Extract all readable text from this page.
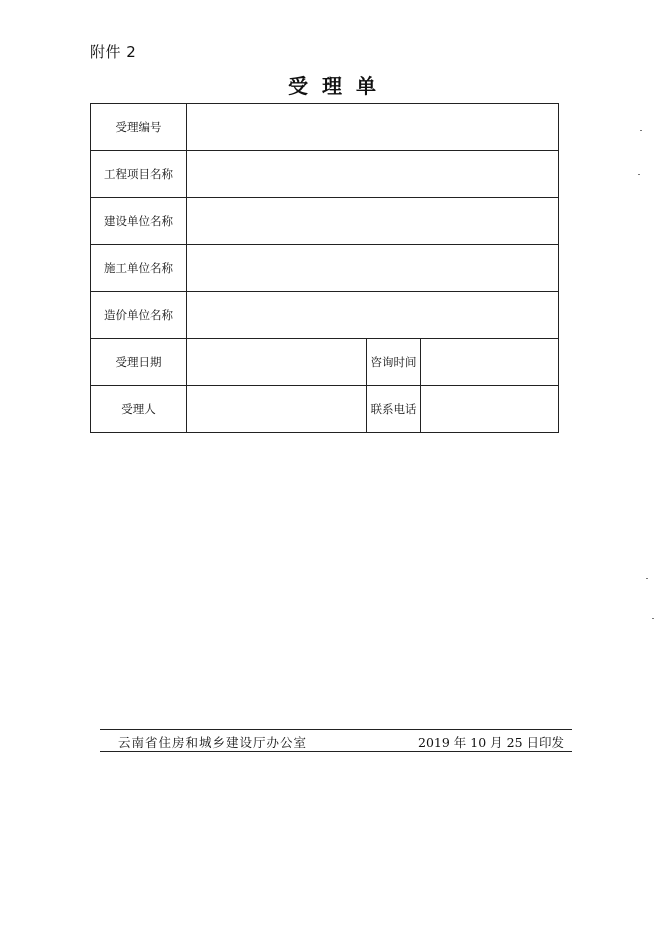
附件 2
受理单
受理编号			
工程项目名称			
建设单位名称			
施工单位名称			
造价单位名称			
受理日期		咨询时间	
受理人		联系电话	
云南省住房和城乡建设厅办公室	2019 年 10 月 25 日印发
